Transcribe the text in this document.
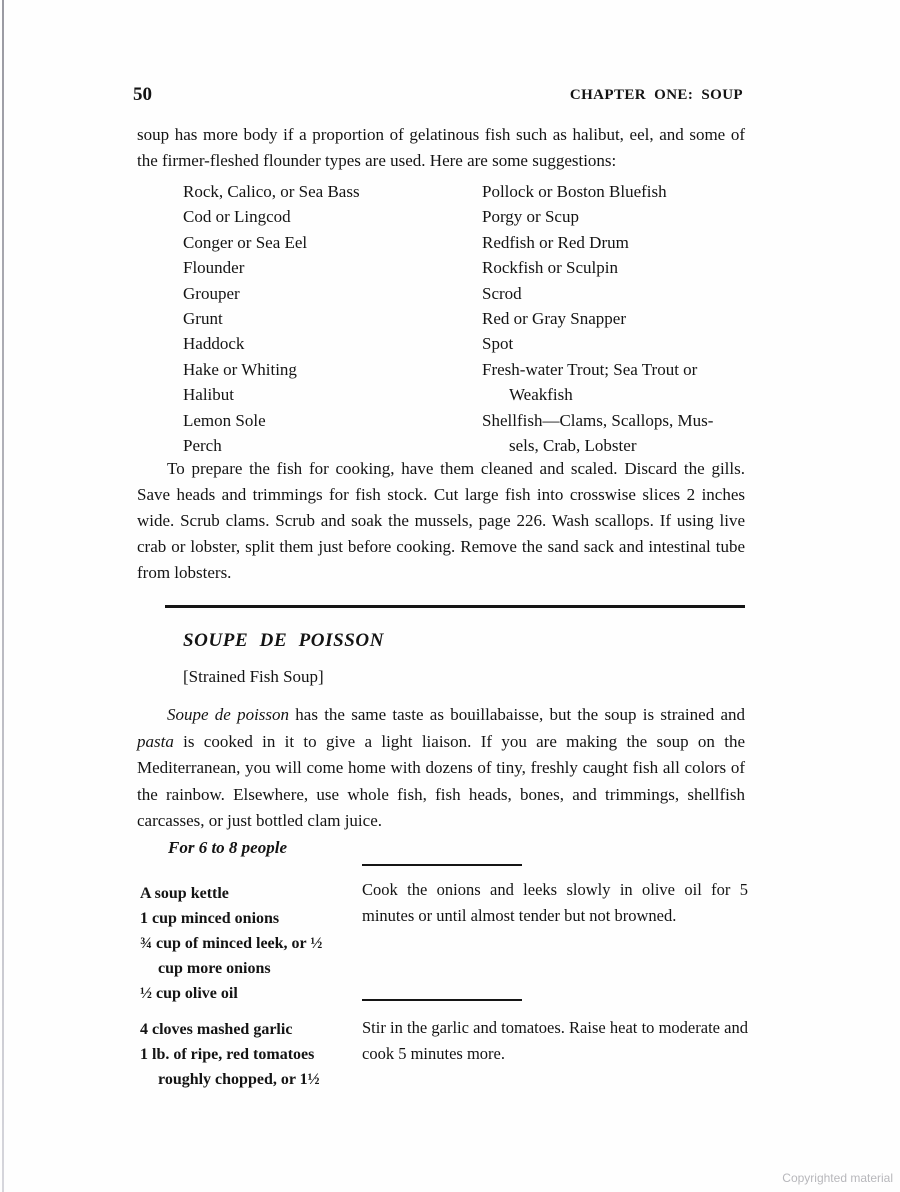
50	CHAPTER ONE: SOUP
soup has more body if a proportion of gelatinous fish such as halibut, eel, and some of the firmer-fleshed flounder types are used. Here are some suggestions:
Rock, Calico, or Sea Bass
Cod or Lingcod
Conger or Sea Eel
Flounder
Grouper
Grunt
Haddock
Hake or Whiting
Halibut
Lemon Sole
Perch
Pollock or Boston Bluefish
Porgy or Scup
Redfish or Red Drum
Rockfish or Sculpin
Scrod
Red or Gray Snapper
Spot
Fresh-water Trout; Sea Trout or
Weakfish
Shellfish—Clams, Scallops, Mus-
sels, Crab, Lobster
To prepare the fish for cooking, have them cleaned and scaled. Discard the gills. Save heads and trimmings for fish stock. Cut large fish into crosswise slices 2 inches wide. Scrub clams. Scrub and soak the mussels, page 226. Wash scallops. If using live crab or lobster, split them just before cooking. Remove the sand sack and intestinal tube from lobsters.
SOUPE DE POISSON
[Strained Fish Soup]
Soupe de poisson has the same taste as bouillabaisse, but the soup is strained and pasta is cooked in it to give a light liaison. If you are making the soup on the Mediterranean, you will come home with dozens of tiny, freshly caught fish all colors of the rainbow. Elsewhere, use whole fish, fish heads, bones, and trimmings, shellfish carcasses, or just bottled clam juice.
For 6 to 8 people
A soup kettle
1 cup minced onions
¾ cup of minced leek, or ½
cup more onions
½ cup olive oil
Cook the onions and leeks slowly in olive oil for 5 minutes or until almost tender but not browned.
4 cloves mashed garlic
1 lb. of ripe, red tomatoes
roughly chopped, or 1½
Stir in the garlic and tomatoes. Raise heat to moderate and cook 5 minutes more.
Copyrighted material
